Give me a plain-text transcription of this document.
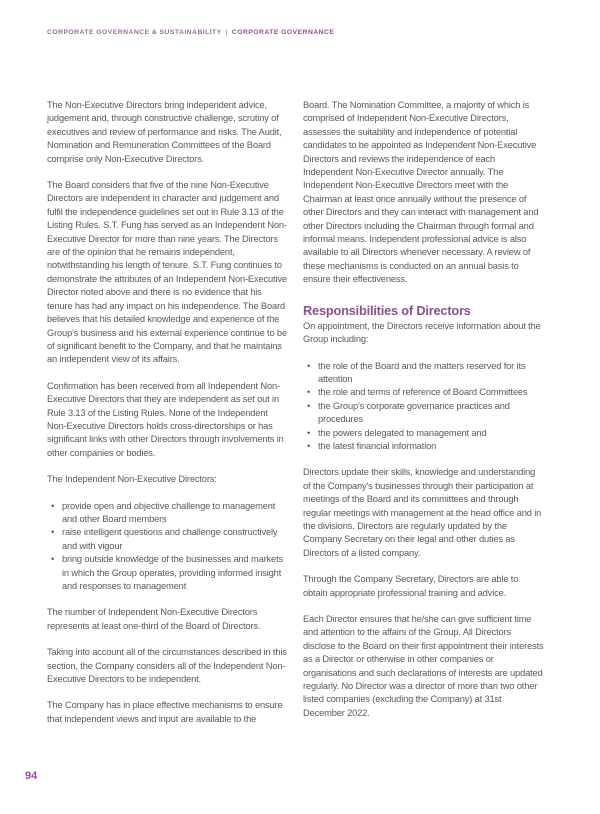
CORPORATE GOVERNANCE & SUSTAINABILITY | CORPORATE GOVERNANCE

The Non-Executive Directors bring independent advice, judgement and, through constructive challenge, scrutiny of executives and review of performance and risks. The Audit, Nomination and Remuneration Committees of the Board comprise only Non-Executive Directors.

The Board considers that five of the nine Non-Executive Directors are independent in character and judgement and fulfil the independence guidelines set out in Rule 3.13 of the Listing Rules. S.T. Fung has served as an Independent Non-Executive Director for more than nine years. The Directors are of the opinion that he remains independent, notwithstanding his length of tenure. S.T. Fung continues to demonstrate the attributes of an Independent Non-Executive Director noted above and there is no evidence that his tenure has had any impact on his independence. The Board believes that his detailed knowledge and experience of the Group's business and his external experience continue to be of significant benefit to the Company, and that he maintains an independent view of its affairs.

Confirmation has been received from all Independent Non-Executive Directors that they are independent as set out in Rule 3.13 of the Listing Rules. None of the Independent Non-Executive Directors holds cross-directorships or has significant links with other Directors through involvements in other companies or bodies.

The Independent Non-Executive Directors:

• provide open and objective challenge to management and other Board members
• raise intelligent questions and challenge constructively and with vigour
• bring outside knowledge of the businesses and markets in which the Group operates, providing informed insight and responses to management

The number of Independent Non-Executive Directors represents at least one-third of the Board of Directors.

Taking into account all of the circumstances described in this section, the Company considers all of the Independent Non-Executive Directors to be independent.

The Company has in place effective mechanisms to ensure that independent views and input are available to the

Board. The Nomination Committee, a majority of which is comprised of Independent Non-Executive Directors, assesses the suitability and independence of potential candidates to be appointed as Independent Non-Executive Directors and reviews the independence of each Independent Non-Executive Director annually. The Independent Non-Executive Directors meet with the Chairman at least once annually without the presence of other Directors and they can interact with management and other Directors including the Chairman through formal and informal means. Independent professional advice is also available to all Directors whenever necessary. A review of these mechanisms is conducted on an annual basis to ensure their effectiveness.

Responsibilities of Directors

On appointment, the Directors receive information about the Group including:

• the role of the Board and the matters reserved for its attention
• the role and terms of reference of Board Committees
• the Group's corporate governance practices and procedures
• the powers delegated to management and
• the latest financial information

Directors update their skills, knowledge and understanding of the Company's businesses through their participation at meetings of the Board and its committees and through regular meetings with management at the head office and in the divisions. Directors are regularly updated by the Company Secretary on their legal and other duties as Directors of a listed company.

Through the Company Secretary, Directors are able to obtain appropriate professional training and advice.

Each Director ensures that he/she can give sufficient time and attention to the affairs of the Group. All Directors disclose to the Board on their first appointment their interests as a Director or otherwise in other companies or organisations and such declarations of interests are updated regularly. No Director was a director of more than two other listed companies (excluding the Company) at 31st December 2022.

94
